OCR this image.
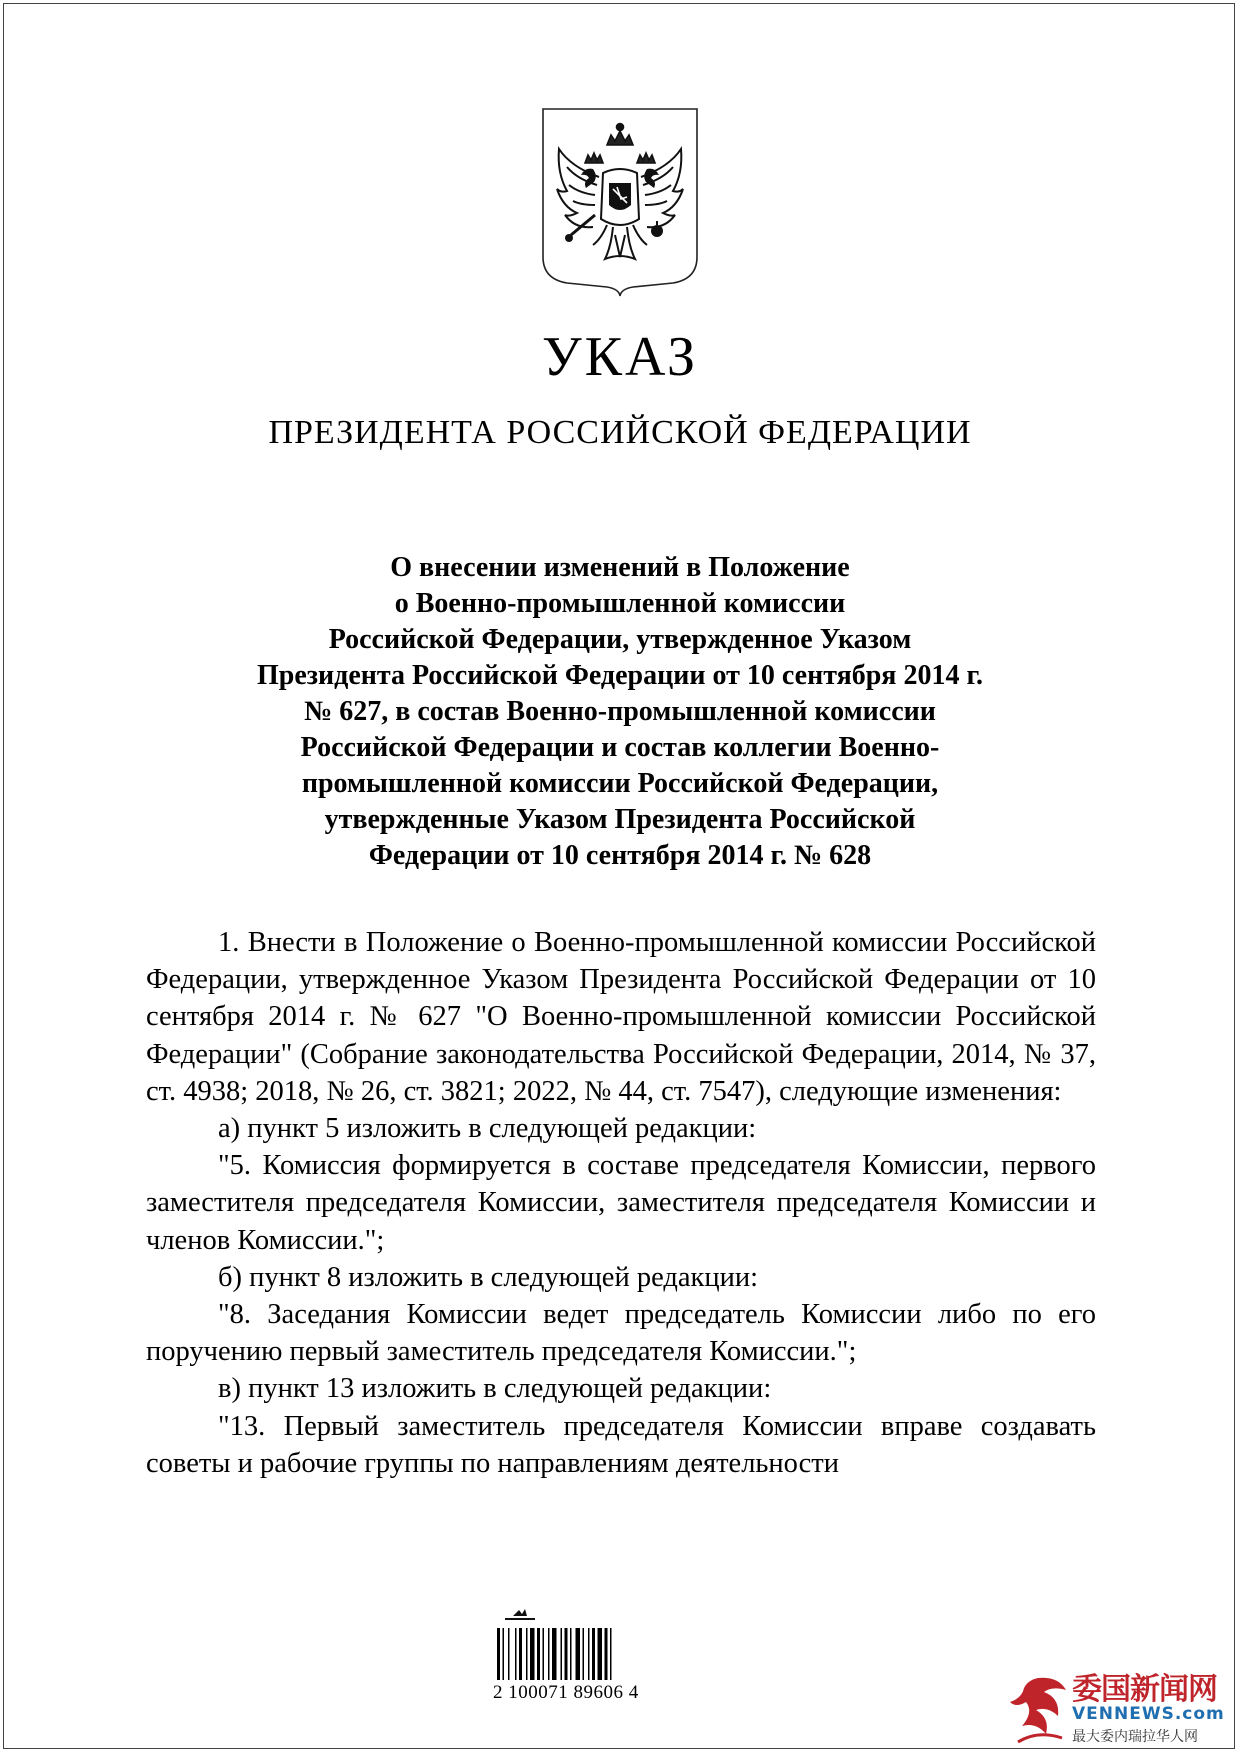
УКАЗ
ПРЕЗИДЕНТА РОССИЙСКОЙ ФЕДЕРАЦИИ
О внесении изменений в Положение
о Военно-промышленной комиссии
Российской Федерации, утвержденное Указом
Президента Российской Федерации от 10 сентября 2014 г.
№ 627, в состав Военно-промышленной комиссии
Российской Федерации и состав коллегии Военно-
промышленной комиссии Российской Федерации,
утвержденные Указом Президента Российской
Федерации от 10 сентября 2014 г. № 628

1. Внести в Положение о Военно-промышленной комиссии Российской Федерации, утвержденное Указом Президента Российской Федерации от 10 сентября 2014 г. № 627 "О Военно-промышленной комиссии Российской Федерации" (Собрание законодательства Российской Федерации, 2014, № 37, ст. 4938; 2018, № 26, ст. 3821; 2022, № 44, ст. 7547), следующие изменения:

а) пункт 5 изложить в следующей редакции:

"5. Комиссия формируется в составе председателя Комиссии, первого заместителя председателя Комиссии, заместителя председателя Комиссии и членов Комиссии.";

б) пункт 8 изложить в следующей редакции:

"8. Заседания Комиссии ведет председатель Комиссии либо по его поручению первый заместитель председателя Комиссии.";

в) пункт 13 изложить в следующей редакции:

"13. Первый заместитель председателя Комиссии вправе создавать советы и рабочие группы по направлениям деятельности

2 100071 89606 4	委国新闻网
VENNEWS.com
最大委内瑞拉华人网
